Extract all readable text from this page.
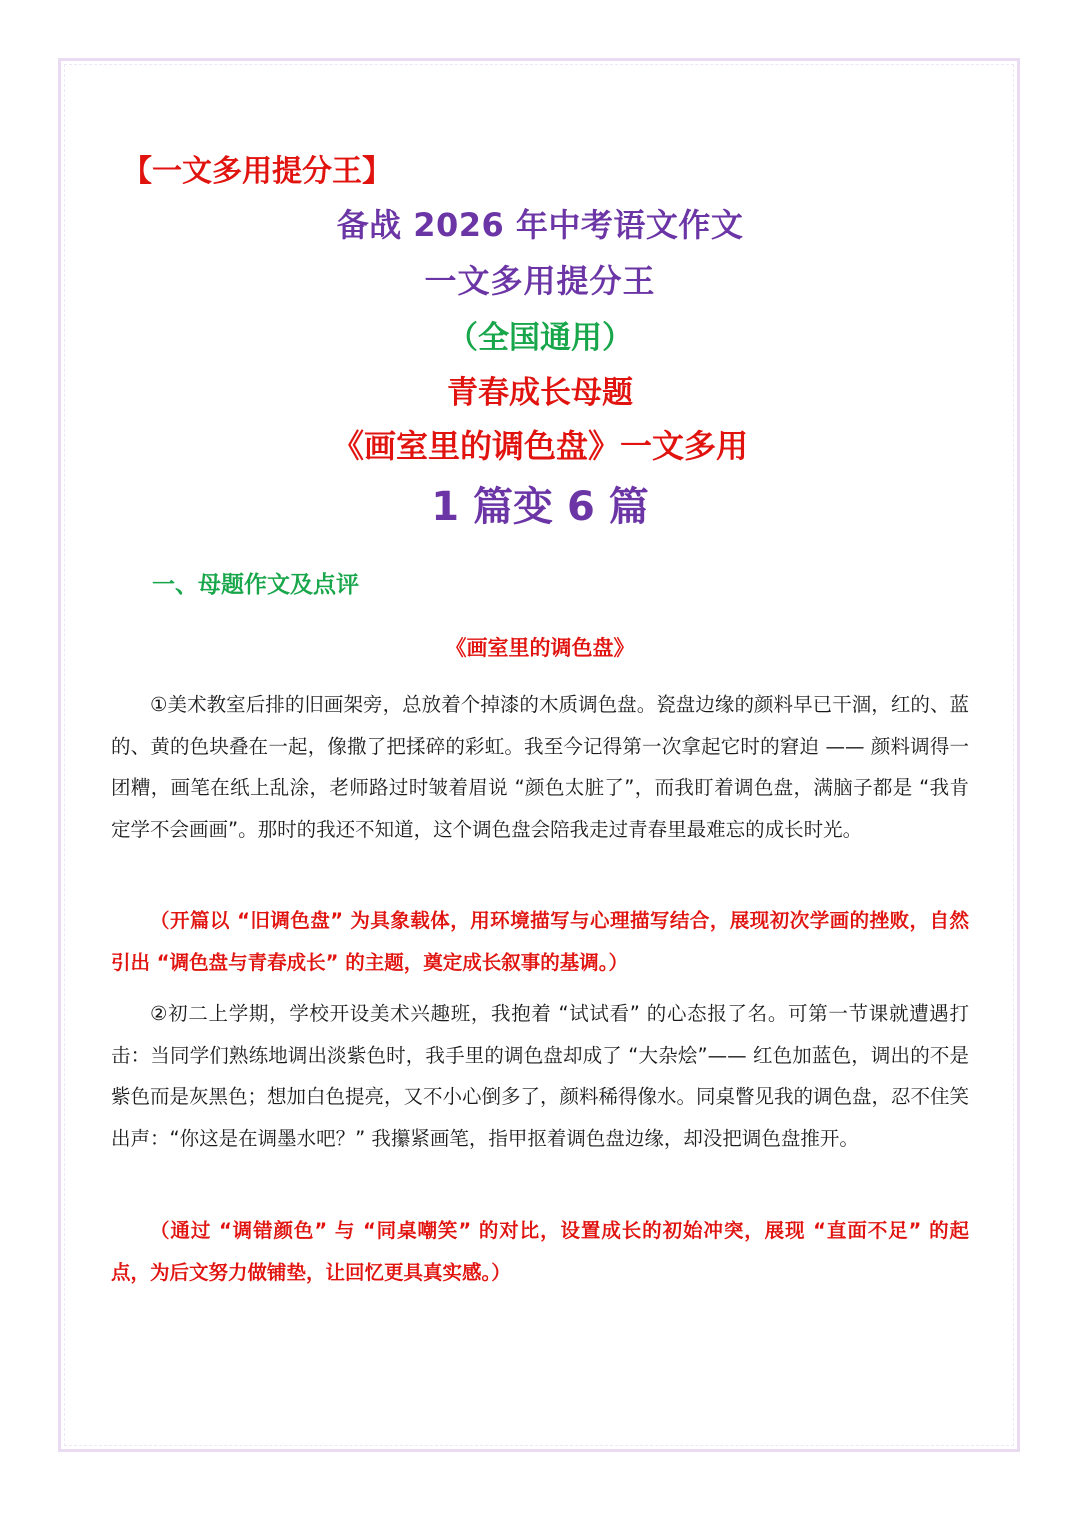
【一文多用提分王】
备战 2026 年中考语文作文
一文多用提分王
（全国通用）
青春成长母题
《画室里的调色盘》一文多用
1 篇变 6 篇
一、母题作文及点评
《画室里的调色盘》

①美术教室后排的旧画架旁，总放着个掉漆的木质调色盘。瓷盘边缘的颜料早已干涸，红的、蓝的、黄的色块叠在一起，像撒了把揉碎的彩虹。我至今记得第一次拿起它时的窘迫 —— 颜料调得一团糟，画笔在纸上乱涂，老师路过时皱着眉说 “颜色太脏了”，而我盯着调色盘，满脑子都是 “我肯定学不会画画”。那时的我还不知道，这个调色盘会陪我走过青春里最难忘的成长时光。

（开篇以 “旧调色盘” 为具象载体，用环境描写与心理描写结合，展现初次学画的挫败，自然引出 “调色盘与青春成长” 的主题，奠定成长叙事的基调。）

②初二上学期，学校开设美术兴趣班，我抱着 “试试看” 的心态报了名。可第一节课就遭遇打击：当同学们熟练地调出淡紫色时，我手里的调色盘却成了 “大杂烩”—— 红色加蓝色，调出的不是紫色而是灰黑色；想加白色提亮，又不小心倒多了，颜料稀得像水。同桌瞥见我的调色盘，忍不住笑出声：“你这是在调墨水吧？” 我攥紧画笔，指甲抠着调色盘边缘，却没把调色盘推开。

（通过 “调错颜色” 与 “同桌嘲笑” 的对比，设置成长的初始冲突，展现 “直面不足” 的起点，为后文努力做铺垫，让回忆更具真实感。）
